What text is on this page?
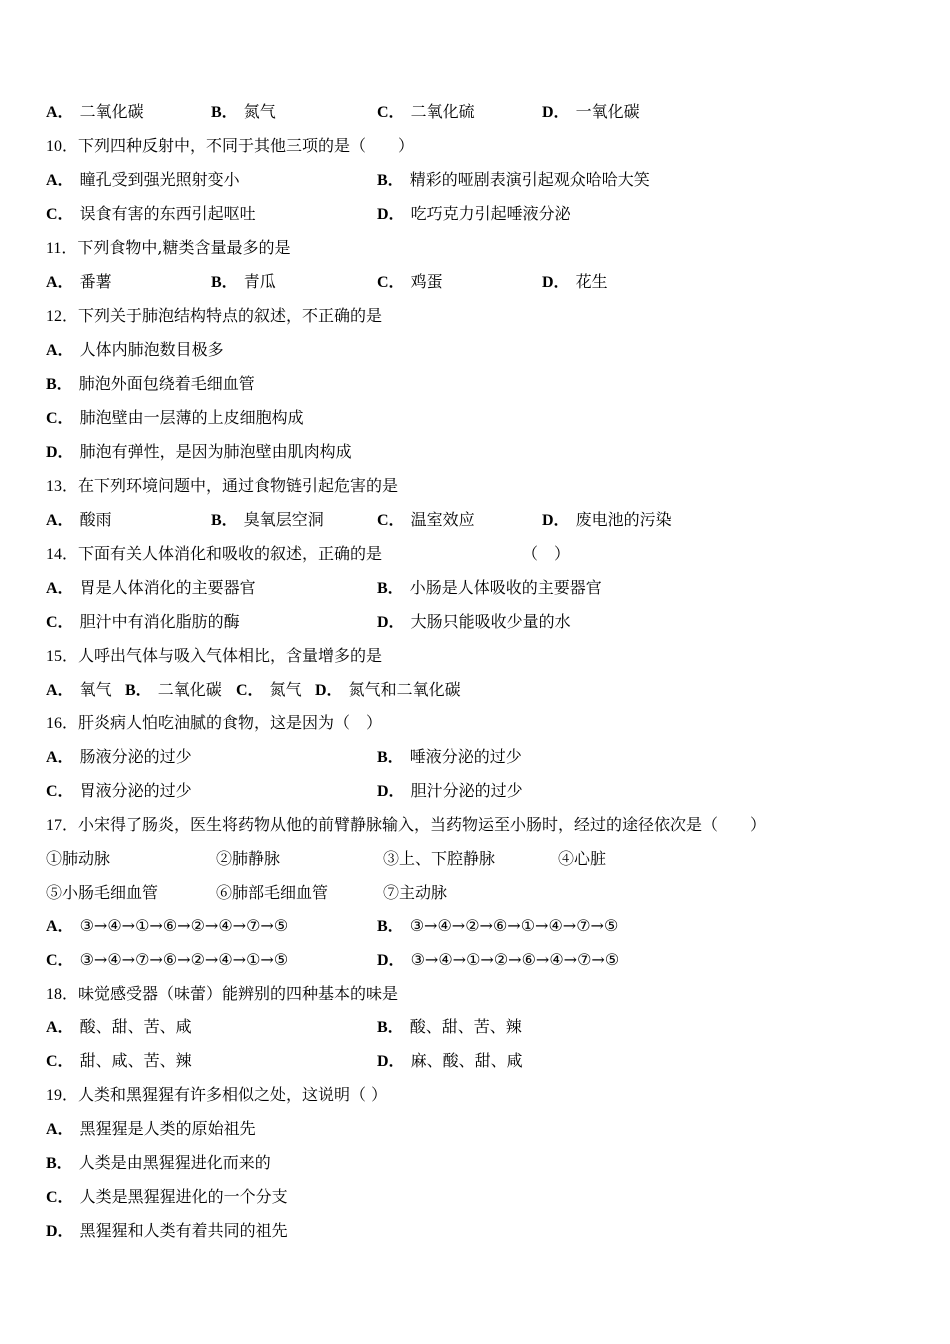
A． 二氧化碳	B． 氮气	C． 二氧化硫	D． 一氧化碳
10．下列四种反射中，不同于其他三项的是（　　）
A． 瞳孔受到强光照射变小	B． 精彩的哑剧表演引起观众哈哈大笑
C． 误食有害的东西引起呕吐	D． 吃巧克力引起唾液分泌
11．下列食物中,糖类含量最多的是
A． 番薯	B． 青瓜	C． 鸡蛋	D． 花生
12．下列关于肺泡结构特点的叙述，不正确的是
A． 人体内肺泡数目极多
B． 肺泡外面包绕着毛细血管
C． 肺泡壁由一层薄的上皮细胞构成
D． 肺泡有弹性，是因为肺泡壁由肌肉构成
13．在下列环境问题中，通过食物链引起危害的是
A． 酸雨	B． 臭氧层空洞	C． 温室效应	D． 废电池的污染
14．下面有关人体消化和吸收的叙述，正确的是	（　）
A． 胃是人体消化的主要器官	B． 小肠是人体吸收的主要器官
C． 胆汁中有消化脂肪的酶	D． 大肠只能吸收少量的水
15．人呼出气体与吸入气体相比，含量增多的是
A． 氧气 B． 二氧化碳 C． 氮气 D． 氮气和二氧化碳
16．肝炎病人怕吃油腻的食物，这是因为（　）
A． 肠液分泌的过少	B． 唾液分泌的过少
C． 胃液分泌的过少	D． 胆汁分泌的过少
17．小宋得了肠炎，医生将药物从他的前臂静脉输入，当药物运至小肠时，经过的途径依次是（　　）
①肺动脉	②肺静脉	③上、下腔静脉	④心脏
⑤小肠毛细血管	⑥肺部毛细血管	⑦主动脉
A． ③→④→①→⑥→②→④→⑦→⑤	B． ③→④→②→⑥→①→④→⑦→⑤
C． ③→④→⑦→⑥→②→④→①→⑤	D． ③→④→①→②→⑥→④→⑦→⑤
18．味觉感受器（味蕾）能辨别的四种基本的味是
A． 酸、甜、苦、咸	B． 酸、甜、苦、辣
C． 甜、咸、苦、辣	D． 麻、酸、甜、咸
19．人类和黑猩猩有许多相似之处，这说明（ ）
A． 黑猩猩是人类的原始祖先
B． 人类是由黑猩猩进化而来的
C． 人类是黑猩猩进化的一个分支
D． 黑猩猩和人类有着共同的祖先
